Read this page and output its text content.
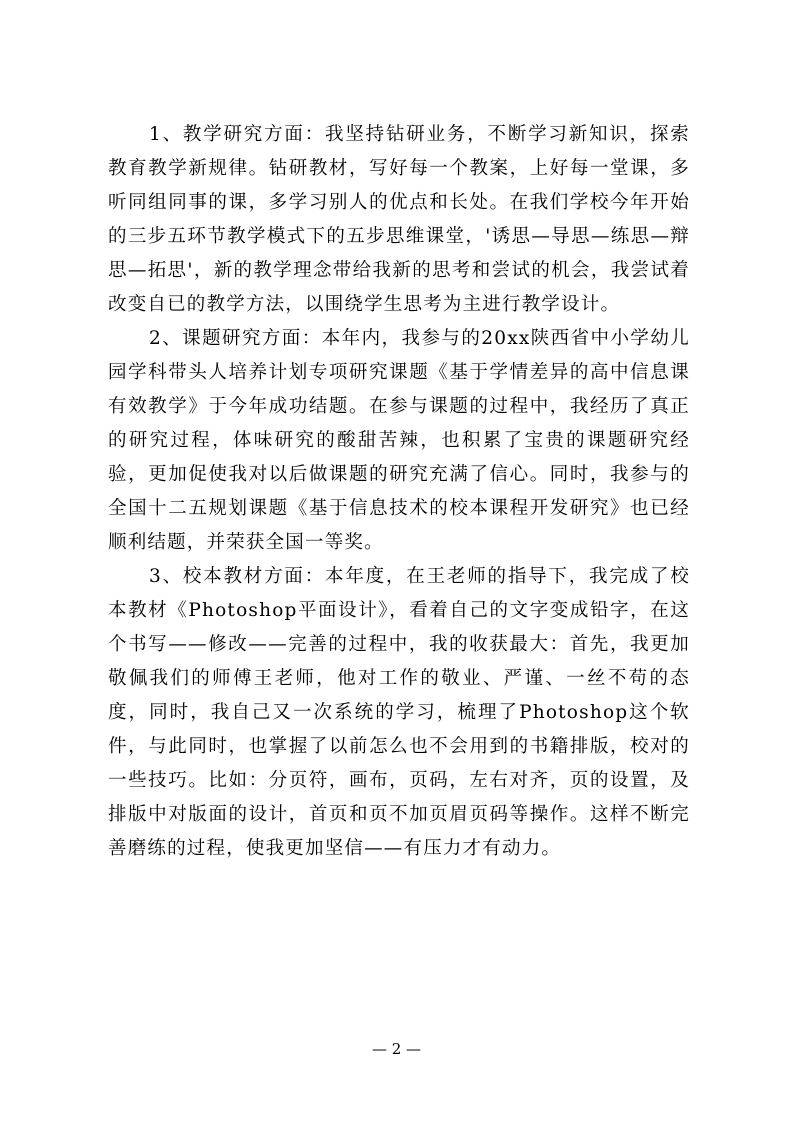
1、教学研究方面：我坚持钻研业务，不断学习新知识，探索教育教学新规律。钻研教材，写好每一个教案，上好每一堂课，多听同组同事的课，多学习别人的优点和长处。在我们学校今年开始的三步五环节教学模式下的五步思维课堂，'诱思—导思—练思—辩思—拓思'，新的教学理念带给我新的思考和尝试的机会，我尝试着改变自已的教学方法，以围绕学生思考为主进行教学设计。

2、课题研究方面：本年内，我参与的20xx陕西省中小学幼儿园学科带头人培养计划专项研究课题《基于学情差异的高中信息课有效教学》于今年成功结题。在参与课题的过程中，我经历了真正的研究过程，体味研究的酸甜苦辣，也积累了宝贵的课题研究经验，更加促使我对以后做课题的研究充满了信心。同时，我参与的全国十二五规划课题《基于信息技术的校本课程开发研究》也已经顺利结题，并荣获全国一等奖。

3、校本教材方面：本年度，在王老师的指导下，我完成了校本教材《Photoshop平面设计》，看着自己的文字变成铅字，在这个书写——修改——完善的过程中，我的收获最大：首先，我更加敬佩我们的师傅王老师，他对工作的敬业、严谨、一丝不苟的态度，同时，我自己又一次系统的学习，梳理了Photoshop这个软件，与此同时，也掌握了以前怎么也不会用到的书籍排版，校对的一些技巧。比如：分页符，画布，页码，左右对齐，页的设置，及排版中对版面的设计，首页和页不加页眉页码等操作。这样不断完善磨练的过程，使我更加坚信——有压力才有动力。

— 2 —
